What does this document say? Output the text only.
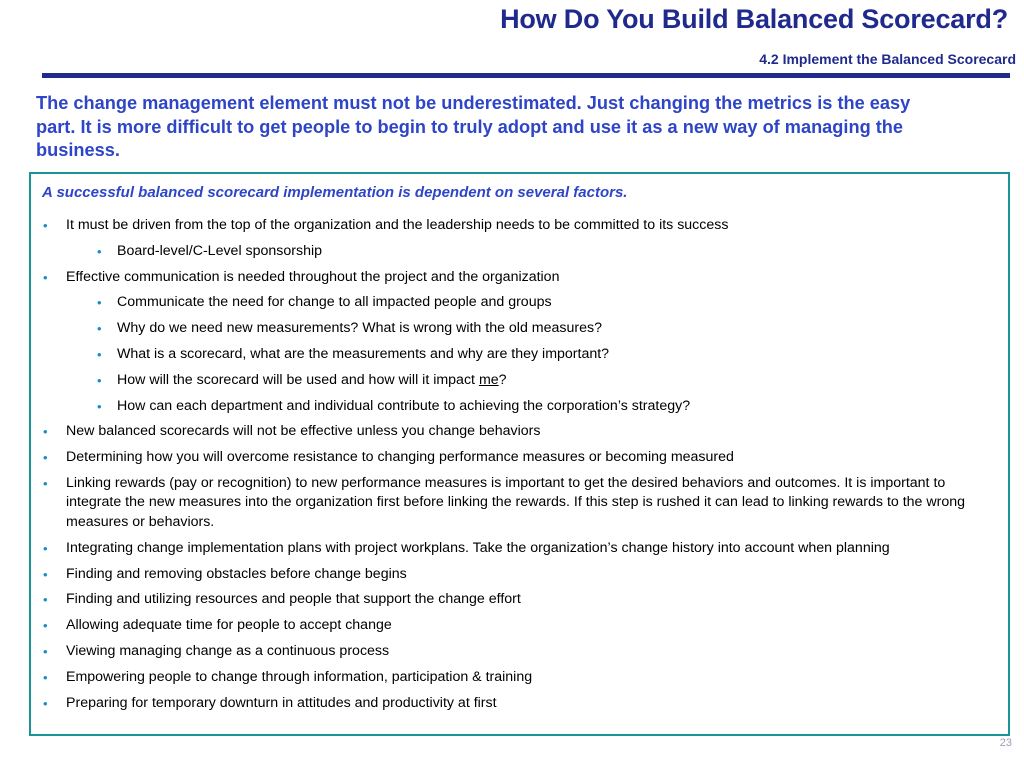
How Do You Build Balanced Scorecard?
4.2 Implement the Balanced Scorecard

The change management element must not be underestimated. Just changing the metrics is the easy part. It is more difficult to get people to begin to truly adopt and use it as a new way of managing the business.

A successful balanced scorecard implementation is dependent on several factors.

• It must be driven from the top of the organization and the leadership needs to be committed to its success
• Board-level/C-Level sponsorship
• Effective communication is needed throughout the project and the organization
• Communicate the need for change to all impacted people and groups
• Why do we need new measurements? What is wrong with the old measures?
• What is a scorecard, what are the measurements and why are they important?
• How will the scorecard will be used and how will it impact me?
• How can each department and individual contribute to achieving the corporation’s strategy?
• New balanced scorecards will not be effective unless you change behaviors
• Determining how you will overcome resistance to changing performance measures or becoming measured
• Linking rewards (pay or recognition) to new performance measures is important to get the desired behaviors and outcomes. It is important to integrate the new measures into the organization first before linking the rewards. If this step is rushed it can lead to linking rewards to the wrong measures or behaviors.
• Integrating change implementation plans with project workplans. Take the organization’s change history into account when planning
• Finding and removing obstacles before change begins
• Finding and utilizing resources and people that support the change effort
• Allowing adequate time for people to accept change
• Viewing managing change as a continuous process
• Empowering people to change through information, participation & training
• Preparing for temporary downturn in attitudes and productivity at first
23
